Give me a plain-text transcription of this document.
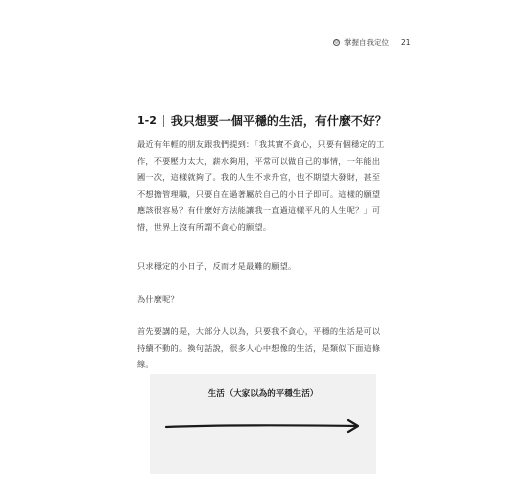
◎ 掌握自我定位 21
1-2 我只想要一個平穩的生活，有什麼不好？

最近有年輕的朋友跟我們提到：「我其實不貪心，只要有個穩定的工作，不要壓力太大，薪水夠用，平常可以做自己的事情，一年能出國一次，這樣就夠了。我的人生不求升官，也不期望大發財，甚至不想擔管理職，只要自在過著屬於自己的小日子即可。這樣的願望應該很容易？有什麼好方法能讓我一直過這樣平凡的人生呢？」可惜，世界上沒有所謂不貪心的願望。

只求穩定的小日子，反而才是最難的願望。

為什麼呢？

首先要講的是，大部分人以為，只要我不貪心，平穩的生活是可以持續不動的。換句話說，很多人心中想像的生活，是類似下面這條線。

生活（大家以為的平穩生活）
